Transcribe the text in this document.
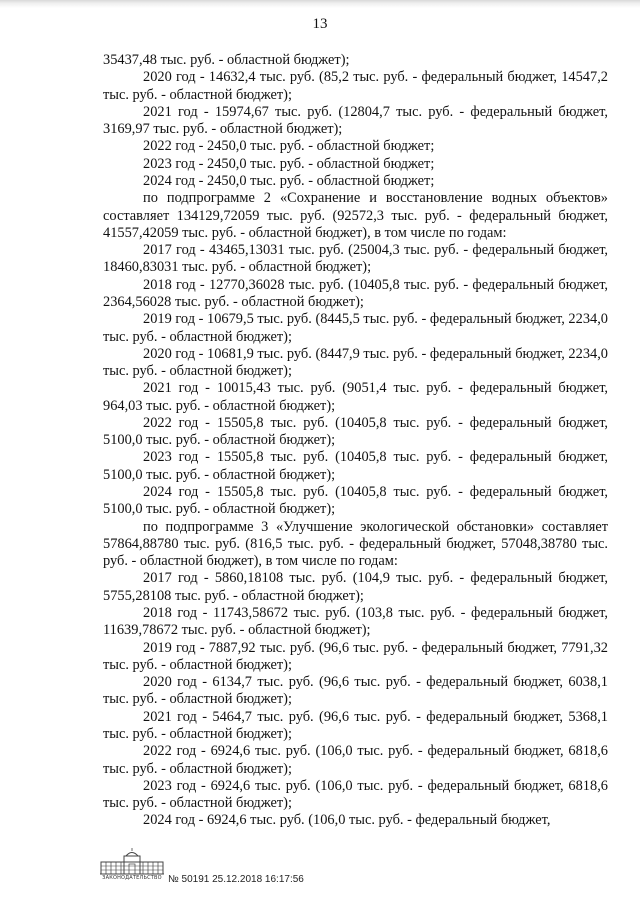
13

35437,48 тыс. руб. - областной бюджет);

2020 год - 14632,4 тыс. руб. (85,2 тыс. руб. - федеральный бюджет, 14547,2 тыс. руб. - областной бюджет);

2021 год - 15974,67 тыс. руб. (12804,7 тыс. руб. - федеральный бюджет, 3169,97 тыс. руб. - областной бюджет);

2022 год - 2450,0 тыс. руб. - областной бюджет;

2023 год - 2450,0 тыс. руб. - областной бюджет;

2024 год - 2450,0 тыс. руб. - областной бюджет;

по подпрограмме 2 «Сохранение и восстановление водных объектов» составляет 134129,72059 тыс. руб. (92572,3 тыс. руб. - федеральный бюджет, 41557,42059 тыс. руб. - областной бюджет), в том числе по годам:

2017 год - 43465,13031 тыс. руб. (25004,3 тыс. руб. - федеральный бюджет, 18460,83031 тыс. руб. - областной бюджет);

2018 год - 12770,36028 тыс. руб. (10405,8 тыс. руб. - федеральный бюджет, 2364,56028 тыс. руб. - областной бюджет);

2019 год - 10679,5 тыс. руб. (8445,5 тыс. руб. - федеральный бюджет, 2234,0 тыс. руб. - областной бюджет);

2020 год - 10681,9 тыс. руб. (8447,9 тыс. руб. - федеральный бюджет, 2234,0 тыс. руб. - областной бюджет);

2021 год - 10015,43 тыс. руб. (9051,4 тыс. руб. - федеральный бюджет, 964,03 тыс. руб. - областной бюджет);

2022 год - 15505,8 тыс. руб. (10405,8 тыс. руб. - федеральный бюджет, 5100,0 тыс. руб. - областной бюджет);

2023 год - 15505,8 тыс. руб. (10405,8 тыс. руб. - федеральный бюджет, 5100,0 тыс. руб. - областной бюджет);

2024 год - 15505,8 тыс. руб. (10405,8 тыс. руб. - федеральный бюджет, 5100,0 тыс. руб. - областной бюджет);

по подпрограмме 3 «Улучшение экологической обстановки» составляет 57864,88780 тыс. руб. (816,5 тыс. руб. - федеральный бюджет, 57048,38780 тыс. руб. - областной бюджет), в том числе по годам:

2017 год - 5860,18108 тыс. руб. (104,9 тыс. руб. - федеральный бюджет, 5755,28108 тыс. руб. - областной бюджет);

2018 год - 11743,58672 тыс. руб. (103,8 тыс. руб. - федеральный бюджет, 11639,78672 тыс. руб. - областной бюджет);

2019 год - 7887,92 тыс. руб. (96,6 тыс. руб. - федеральный бюджет, 7791,32 тыс. руб. - областной бюджет);

2020 год - 6134,7 тыс. руб. (96,6 тыс. руб. - федеральный бюджет, 6038,1 тыс. руб. - областной бюджет);

2021 год - 5464,7 тыс. руб. (96,6 тыс. руб. - федеральный бюджет, 5368,1 тыс. руб. - областной бюджет);

2022 год - 6924,6 тыс. руб. (106,0 тыс. руб. - федеральный бюджет, 6818,6 тыс. руб. - областной бюджет);

2023 год - 6924,6 тыс. руб. (106,0 тыс. руб. - федеральный бюджет, 6818,6 тыс. руб. - областной бюджет);

2024 год - 6924,6 тыс. руб. (106,0 тыс. руб. - федеральный бюджет,

ЗАКОНОДАТЕЛЬСТВО № 50191 25.12.2018 16:17:56
